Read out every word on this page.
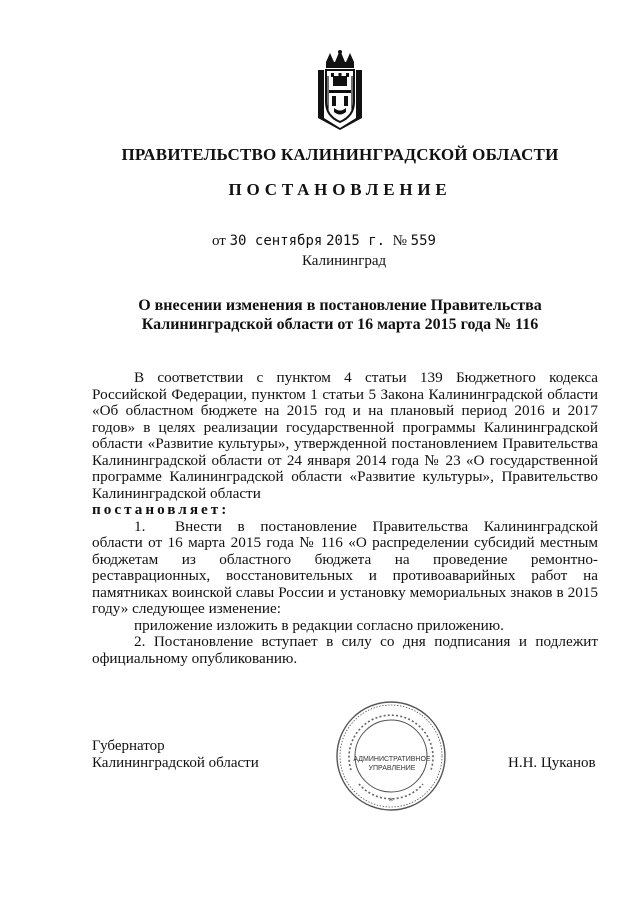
ПРАВИТЕЛЬСТВО КАЛИНИНГРАДСКОЙ ОБЛАСТИ
ПОСТАНОВЛЕНИЕ
от 30 сентября 2015 г. № 559
Калининград
О внесении изменения в постановление Правительства
Калининградской области от 16 марта 2015 года № 116

В соответствии с пунктом 4 статьи 139 Бюджетного кодекса Российской Федерации, пунктом 1 статьи 5 Закона Калининградской области «Об областном бюджете на 2015 год и на плановый период 2016 и 2017 годов» в целях реализации государственной программы Калининградской области «Развитие культуры», утвержденной постановлением Правительства Калининградской области от 24 января 2014 года № 23 «О государственной программе Калининградской области «Развитие культуры», Правительство Калининградской области

постановляет:

1. Внести в постановление Правительства Калининградской области от 16 марта 2015 года № 116 «О распределении субсидий местным бюджетам из областного бюджета на проведение ремонтно-реставрационных, восстановительных и противоаварийных работ на памятниках воинской славы России и установку мемориальных знаков в 2015 году» следующее изменение:

приложение изложить в редакции согласно приложению.

2. Постановление вступает в силу со дня подписания и подлежит официальному опубликованию.

Губернатор
Калининградской области	Н.Н. Цуканов
*
АДМИНИСТРАТИВНОЕ
УПРАВЛЕНИЕ
